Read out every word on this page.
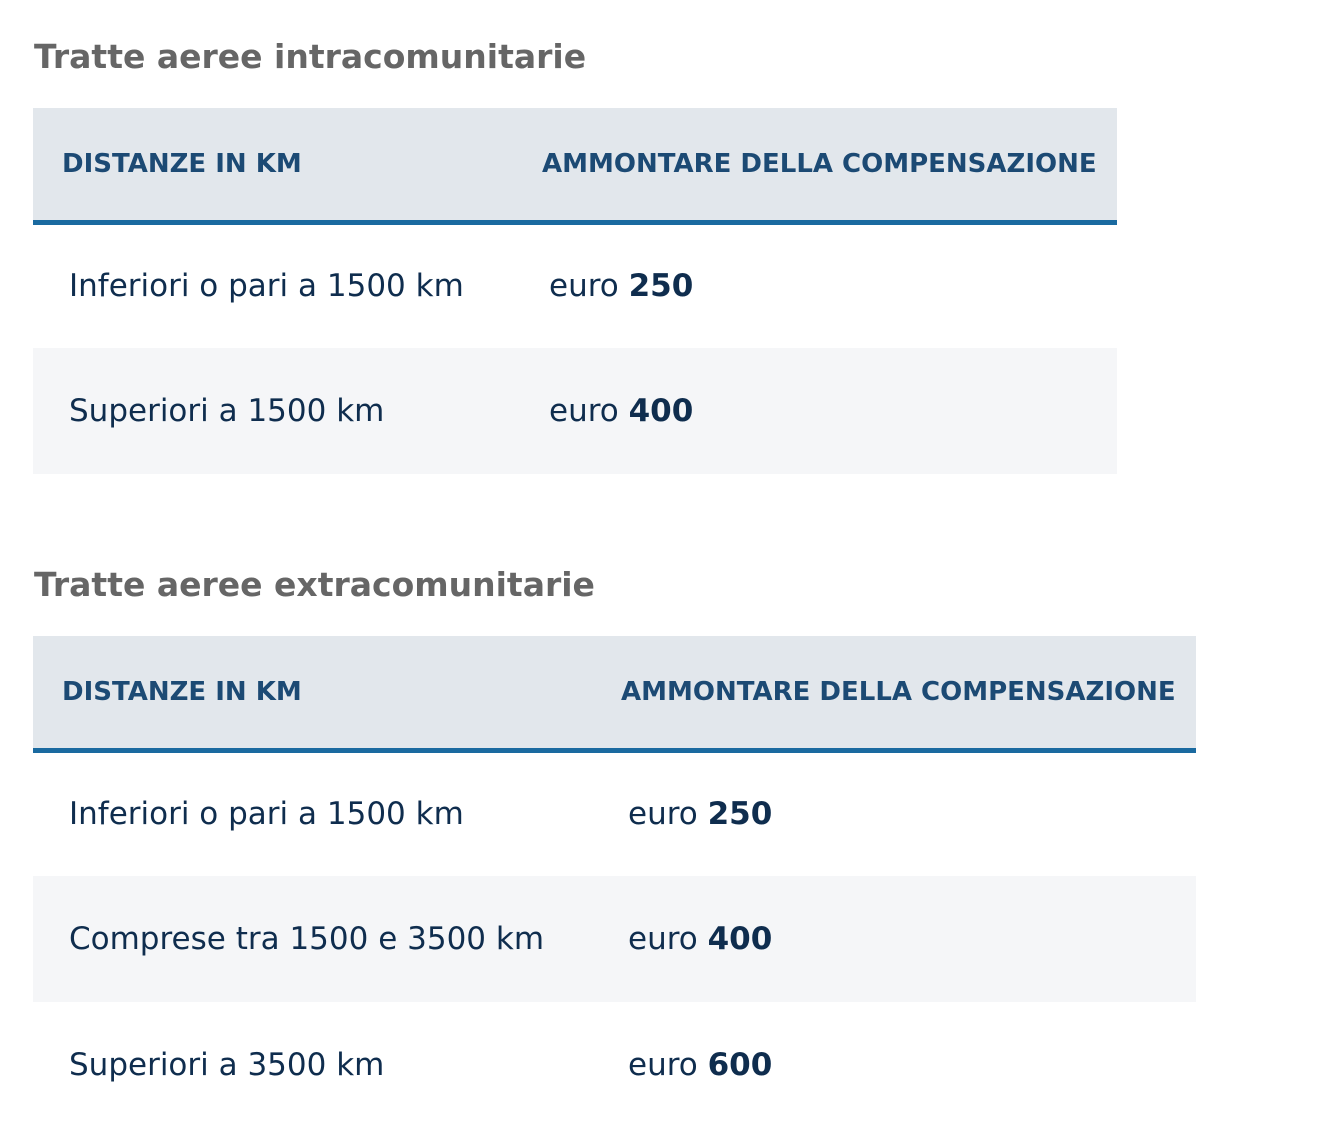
Tratte aeree intracomunitarie
DISTANZE IN KM	AMMONTARE DELLA COMPENSAZIONE
Inferiori o pari a 1500 km	euro 250
Superiori a 1500 km	euro 400
Tratte aeree extracomunitarie
DISTANZE IN KM	AMMONTARE DELLA COMPENSAZIONE
Inferiori o pari a 1500 km	euro 250
Comprese tra 1500 e 3500 km	euro 400
Superiori a 3500 km	euro 600
